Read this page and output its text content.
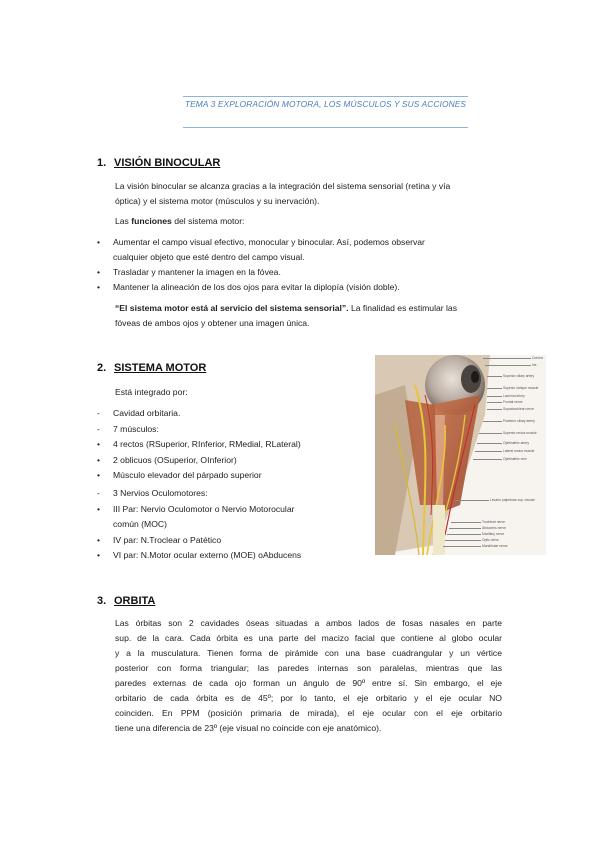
TEMA 3 EXPLORACIÓN MOTORA, LOS MÚSCULOS Y SUS ACCIONES
1. VISIÓN BINOCULAR
La visión binocular se alcanza gracias a la integración del sistema sensorial (retina y vía
óptica) y el sistema motor (músculos y su inervación).
Las funciones del sistema motor:
•	Aumentar el campo visual efectivo, monocular y binocular. Así, podemos observar
cualquier objeto que esté dentro del campo visual.
•	Trasladar y mantener la imagen en la fóvea.
•	Mantener la alineación de los dos ojos para evitar la diplopía (visión doble).
“El sistema motor está al servicio del sistema sensorial”. La finalidad es estimular las
fóveas de ambos ojos y obtener una imagen única.
2. SISTEMA MOTOR
Está integrado por:
-	Cavidad orbitaria.
-	7 músculos:
•	4 rectos (RSuperior, RInferior, RMedial, RLateral)
•	2 oblicuos (OSuperior, OInferior)
•	Músculo elevador del párpado superior
-	3 Nervios Oculomotores:
•	III Par: Nervio Oculomotor o Nervio Motorocular
común (MOC)
•	IV par: N.Troclear o Patético
•	VI par: N.Motor ocular externo (MOE) oAbducens
Cornea
Iris
Superior ciliary artery
Superior oblique muscle
Lacrimal artery
Frontal nerve
Supratrochlear nerve
Posterior ciliary artery
Superior rectus muscle
Ophthalmic artery
Lateral rectus muscle
Ophthalmic vein
Levator palpebrae sup. muscle
Trochlear nerve
Abducens nerve
Maxillary nerve
Optic nerve
Mandibular nerve
3. ORBITA
Las órbitas son 2 cavidades óseas situadas a ambos lados de fosas nasales en parte
sup. de la cara. Cada órbita es una parte del macizo facial que contiene al globo ocular
y a la musculatura. Tienen forma de pirámide con una base cuadrangular y un vértice
posterior con forma triangular; las paredes internas son paralelas, mientras que las
paredes externas de cada ojo forman un ángulo de 90º entre sí. Sin embargo, el eje
orbitario de cada órbita es de 45º; por lo tanto, el eje orbitario y el eje ocular NO
coinciden. En PPM (posición primaria de mirada), el eje ocular con el eje orbitario
tiene una diferencia de 23º (eje visual no coincide con eje anatómico).
